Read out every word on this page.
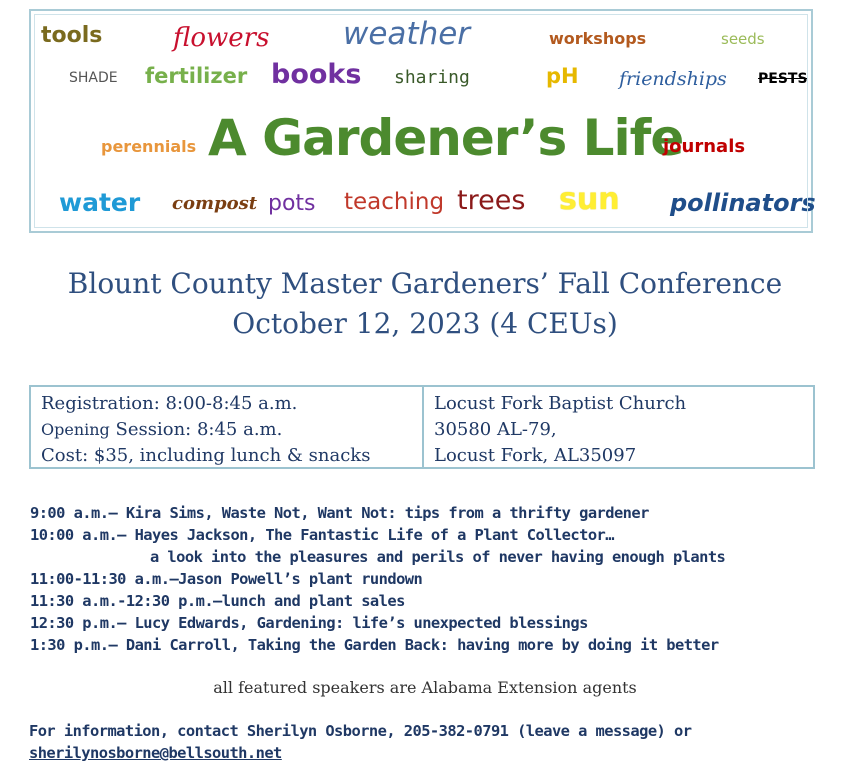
tools	flowers weather	workshops	seeds
SHADE fertilizer books sharing	pH friendships PESTS
perennials A Gardener’s Life
journals
water compost pots teaching trees sun pollinators
Blount County Master Gardeners’ Fall Conference
October 12, 2023 (4 CEUs)
Registration: 8:00-8:45 a.m.
Opening Session: 8:45 a.m.
Cost: $35, including lunch & snacks
Locust Fork Baptist Church
30580 AL-79,
Locust Fork, AL35097
9:00 a.m.— Kira Sims, Waste Not, Want Not: tips from a thrifty gardener
10:00 a.m.— Hayes Jackson, The Fantastic Life of a Plant Collector…
a look into the pleasures and perils of never having enough plants
11:00-11:30 a.m.—Jason Powell’s plant rundown
11:30 a.m.-12:30 p.m.—lunch and plant sales
12:30 p.m.— Lucy Edwards, Gardening: life’s unexpected blessings
1:30 p.m.— Dani Carroll, Taking the Garden Back: having more by doing it better
all featured speakers are Alabama Extension agents
For information, contact Sherilyn Osborne, 205-382-0791 (leave a message) or
sherilynosborne@bellsouth.net
